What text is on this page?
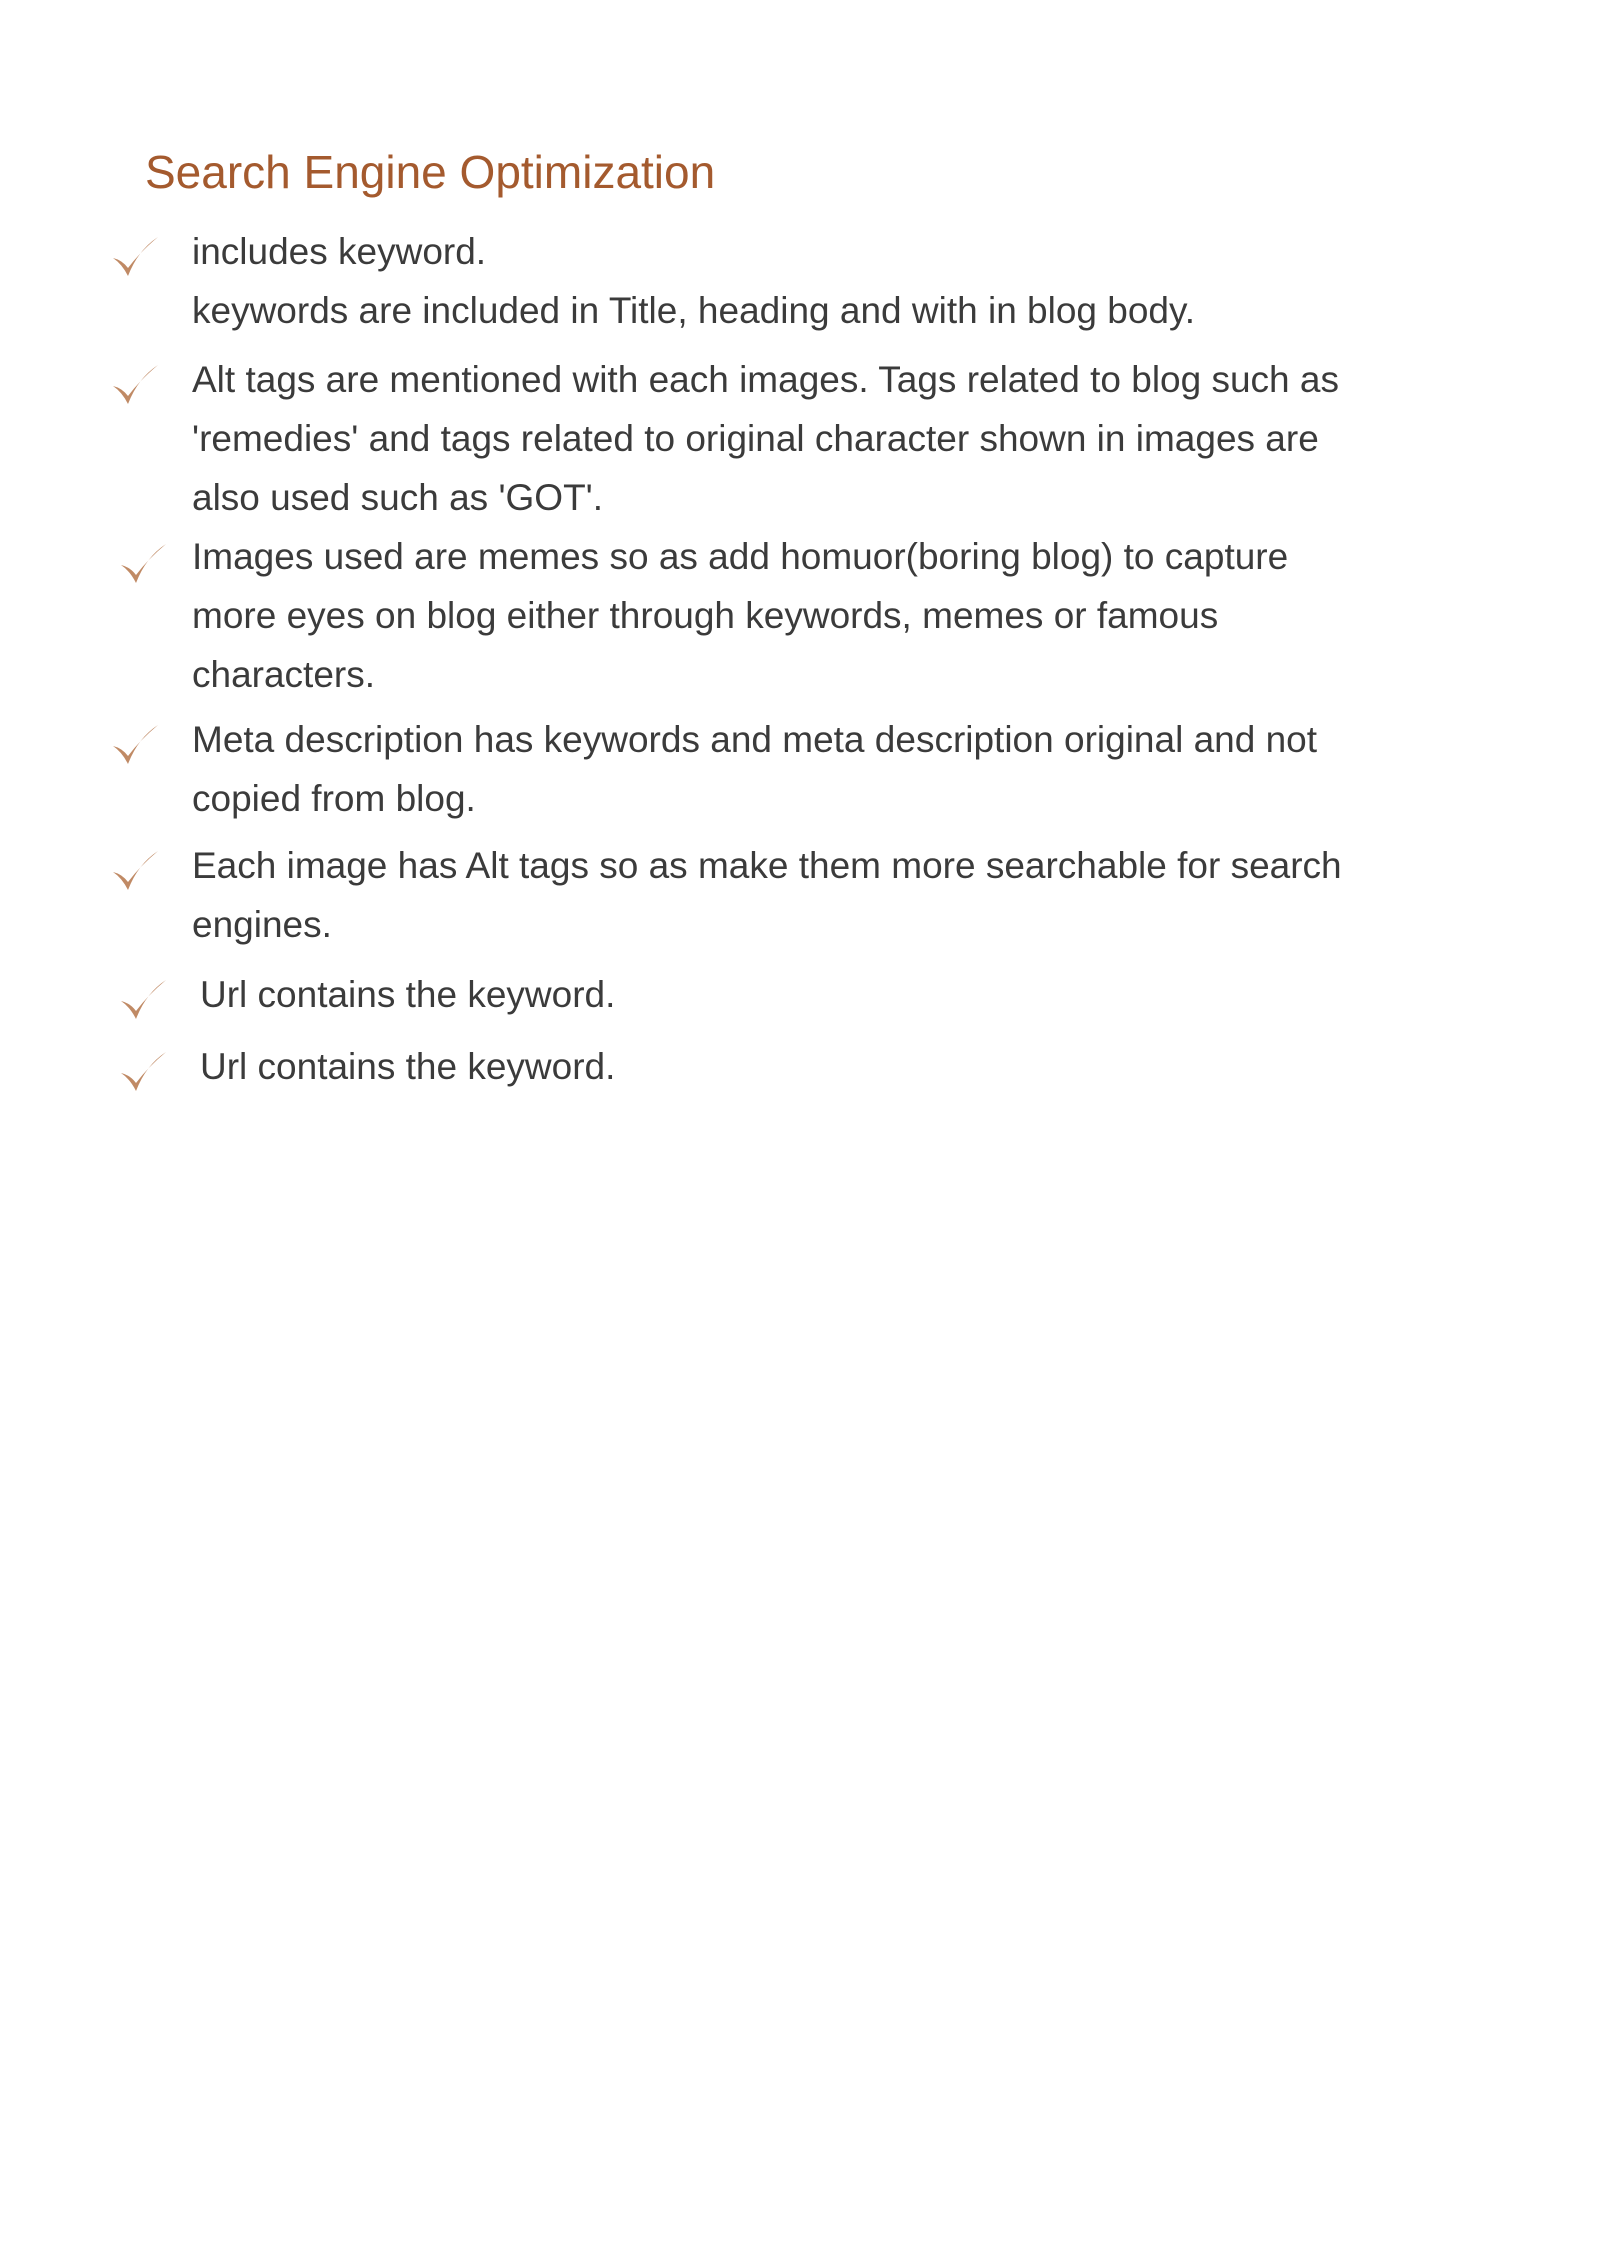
Search Engine Optimization

includes keyword.
keywords are included in Title, heading and with in blog body.

Alt tags are mentioned with each images. Tags related to blog such as
'remedies' and tags related to original character shown in images are
also used such as 'GOT'.

Images used are memes so as add homuor(boring blog) to capture
more eyes on blog either through keywords, memes or famous
characters.

Meta description has keywords and meta description original and not
copied from blog.

Each image has Alt tags so as make them more searchable for search
engines.

Url contains the keyword.

Url contains the keyword.
